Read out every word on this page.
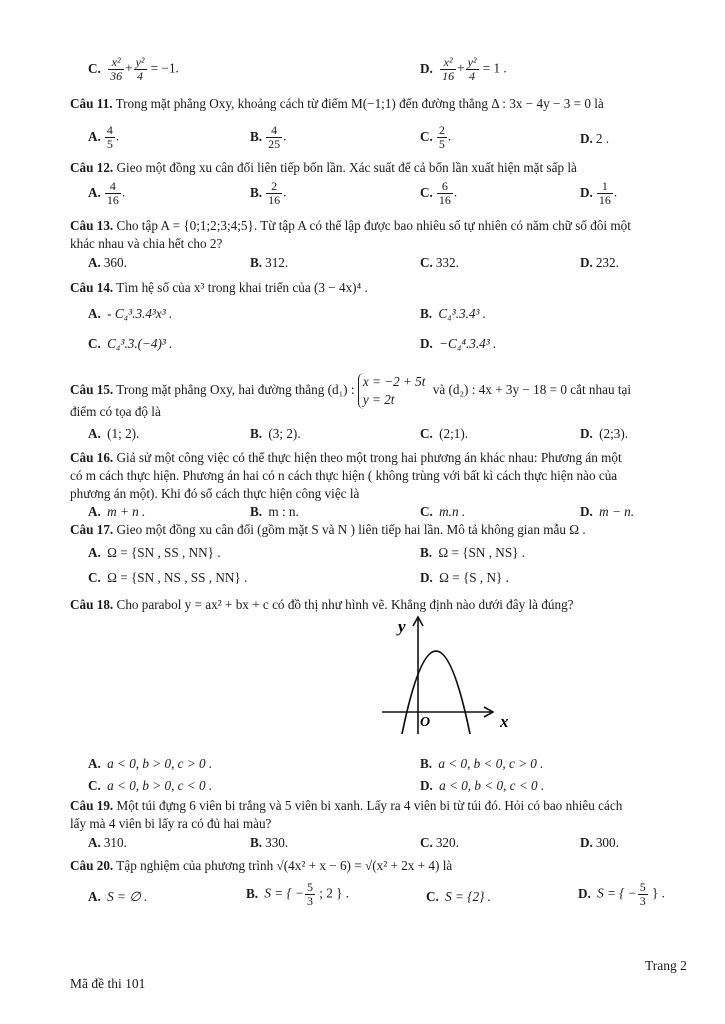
C. $\frac{\text{x²}}{36} + \frac{\text{y²}}{4} = -1$.	D. $\frac{\text{x²}}{16} + \frac{\text{y²}}{4} = 1$ .
Câu 11. Trong mặt phẳng Oxy, khoảng cách từ điểm M(−1;1) đến đường thẳng Δ : 3x − 4y − 3 = 0 là
A. $\frac{4}{5}$ .	B. $\frac{4}{25}$ .	C. $\frac{2}{5}$ .	D. 2 .
Câu 12. Gieo một đồng xu cân đối liên tiếp bốn lần. Xác suất để cả bốn lần xuất hiện mặt sấp là
A. $\frac{4}{16}$ .	B. $\frac{2}{16}$ .	C. $\frac{6}{16}$ .	D. $\frac{1}{16}$ .
Câu 13. Cho tập A = {0;1;2;3;4;5}. Từ tập A có thể lập được bao nhiêu số tự nhiên có năm chữ số đôi một
khác nhau và chia hết cho 2?
A. 360.	B. 312.	C. 332.	D. 232.
Câu 14. Tìm hệ số của x³ trong khai triển của (3 − 4x)⁴ .
A. - C₄³.3.4³x³ .	B. C₄³.3.4³ .
C. C₄³.3.(−4)³ .	D. −C₄⁴.3.4³ .
Câu 15. Trong mặt phẳng Oxy, hai đường thẳng (d₁) :
x = −2 + 5t
y = 2t
và (d₂) : 4x + 3y − 18 = 0 cắt nhau tại
điểm có tọa độ là
A. (1; 2).	B. (3; 2).	C. (2;1).	D. (2;3).
Câu 16. Giả sử một công việc có thể thực hiện theo một trong hai phương án khác nhau: Phương án một
có m cách thực hiện. Phương án hai có n cách thực hiện ( không trùng với bất kì cách thực hiện nào của
phương án một). Khi đó số cách thực hiện công việc là
A. m + n .	B. m : n.	C. m.n .	D. m − n.
Câu 17. Gieo một đồng xu cân đối (gồm mặt S và N ) liên tiếp hai lần. Mô tả không gian mẫu Ω .
A. Ω = {SN , SS , NN} .	B. Ω = {SN , NS} .
C. Ω = {SN , NS , SS , NN} .	D. Ω = {S , N} .
Câu 18. Cho parabol y = ax² + bx + c có đồ thị như hình vẽ. Khẳng định nào dưới đây là đúng?
y
x
O
A. a < 0, b > 0, c > 0 .	B. a < 0, b < 0, c > 0 .
C. a < 0, b > 0, c < 0 .	D. a < 0, b < 0, c < 0 .
Câu 19. Một túi đựng 6 viên bi trắng và 5 viên bi xanh. Lấy ra 4 viên bi từ túi đó. Hỏi có bao nhiêu cách
lấy mà 4 viên bi lấy ra có đủ hai màu?
A. 310.	B. 330.	C. 320.	D. 300.
Câu 20. Tập nghiệm của phương trình √(4x² + x − 6) = √(x² + 2x + 4) là
A. S = ∅ .	B. S = { − $\frac{5}{3}$ ; 2 } .	C. S = {2} .	D. S = { − $\frac{5}{3}$ } .
Trang 2
Mã đề thi 101
